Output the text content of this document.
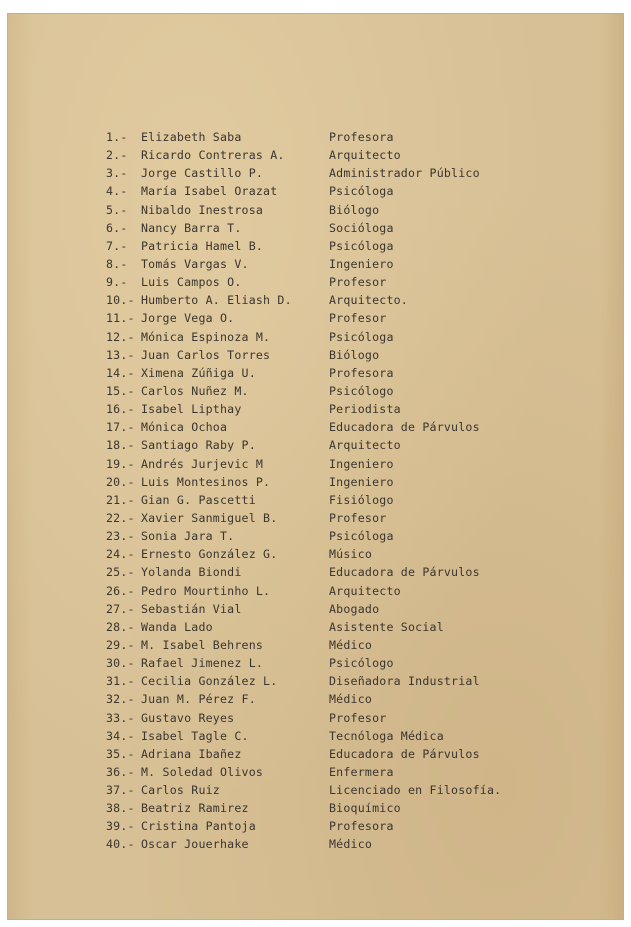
1.- Elizabeth Saba	Profesora
2.- Ricardo Contreras A.	Arquitecto
3.- Jorge Castillo P.	Administrador Público
4.- María Isabel Orazat	Psicóloga
5.- Nibaldo Inestrosa	Biólogo
6.- Nancy Barra T.	Socióloga
7.- Patricia Hamel B.	Psicóloga
8.- Tomás Vargas V.	Ingeniero
9.- Luis Campos O.	Profesor
10.- Humberto A. Eliash D.	Arquitecto.
11.- Jorge Vega O.	Profesor
12.- Mónica Espinoza M.	Psicóloga
13.- Juan Carlos Torres	Biólogo
14.- Ximena Zúñiga U.	Profesora
15.- Carlos Nuñez M.	Psicólogo
16.- Isabel Lipthay	Periodista
17.- Mónica Ochoa	Educadora de Párvulos
18.- Santiago Raby P.	Arquitecto
19.- Andrés Jurjevic M	Ingeniero
20.- Luis Montesinos P.	Ingeniero
21.- Gian G. Pascetti	Fisiólogo
22.- Xavier Sanmiguel B.	Profesor
23.- Sonia Jara T.	Psicóloga
24.- Ernesto González G.	Músico
25.- Yolanda Biondi	Educadora de Párvulos
26.- Pedro Mourtinho L.	Arquitecto
27.- Sebastián Vial	Abogado
28.- Wanda Lado	Asistente Social
29.- M. Isabel Behrens	Médico
30.- Rafael Jimenez L.	Psicólogo
31.- Cecilia González L.	Diseñadora Industrial
32.- Juan M. Pérez F.	Médico
33.- Gustavo Reyes	Profesor
34.- Isabel Tagle C.	Tecnóloga Médica
35.- Adriana Ibañez	Educadora de Párvulos
36.- M. Soledad Olivos	Enfermera
37.- Carlos Ruiz	Licenciado en Filosofía.
38.- Beatriz Ramirez	Bioquímico
39.- Cristina Pantoja	Profesora
40.- Oscar Jouerhake	Médico
